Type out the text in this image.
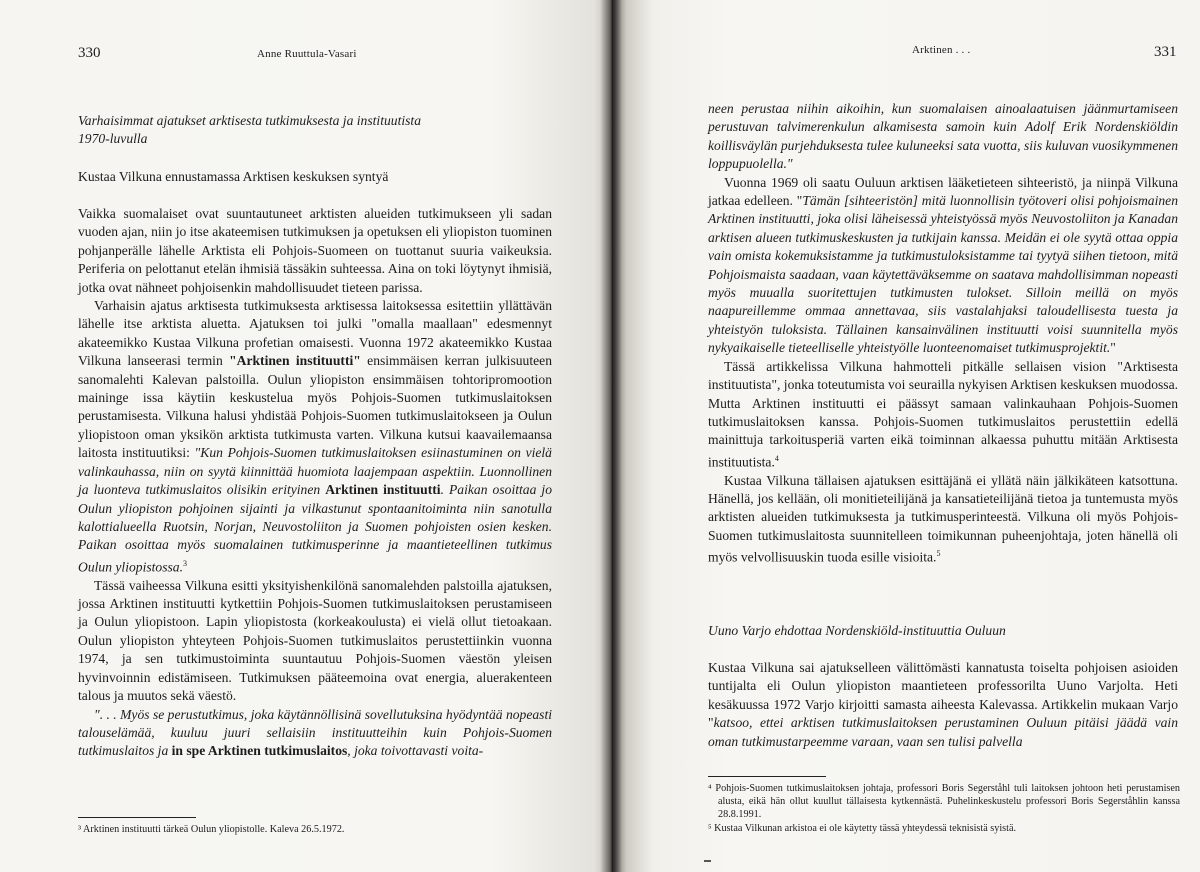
330	Anne Ruuttula-Vasari
Varhaisimmat ajatukset arktisesta tutkimuksesta ja instituutista
1970-luvulla
Kustaa Vilkuna ennustamassa Arktisen keskuksen syntyä

Vaikka suomalaiset ovat suuntautuneet arktisten alueiden tutkimukseen yli sadan vuoden ajan, niin jo itse akateemisen tutkimuksen ja opetuksen eli yliopiston tuominen pohjanperälle lähelle Arktista eli Pohjois-Suomeen on tuottanut suuria vaikeuksia. Periferia on pelottanut etelän ihmisiä tässäkin suhteessa. Aina on toki löytynyt ihmisiä, jotka ovat nähneet pohjoisenkin mahdollisuudet tieteen parissa.

Varhaisin ajatus arktisesta tutkimuksesta arktisessa laitoksessa esitettiin yllättävän lähelle itse arktista aluetta. Ajatuksen toi julki "omalla maallaan" edesmennyt akateemikko Kustaa Vilkuna profetian omaisesti. Vuonna 1972 akateemikko Kustaa Vilkuna lanseerasi termin "Arktinen instituutti" ensimmäisen kerran julkisuuteen sanomalehti Kalevan palstoilla. Oulun yliopiston ensimmäisen tohtoripromootion maininge issa käytiin keskustelua myös Pohjois-Suomen tutkimuslaitoksen perustamisesta. Vilkuna halusi yhdistää Pohjois-Suomen tutkimuslaitokseen ja Oulun yliopistoon oman yksikön arktista tutkimusta varten. Vilkuna kutsui kaavailemaansa laitosta instituutiksi: "Kun Pohjois-Suomen tutkimuslaitoksen esiinastuminen on vielä valinkauhassa, niin on syytä kiinnittää huomiota laajempaan aspektiin. Luonnollinen ja luonteva tutkimuslaitos olisikin erityinen Arktinen instituutti. Paikan osoittaa jo Oulun yliopiston pohjoinen sijainti ja vilkastunut spontaanitoiminta niin sanotulla kalottialueella Ruotsin, Norjan, Neuvostoliiton ja Suomen pohjoisten osien kesken. Paikan osoittaa myös suomalainen tutkimusperinne ja maantieteellinen tutkimus Oulun yliopistossa.$^3$

Tässä vaiheessa Vilkuna esitti yksityishenkilönä sanomalehden palstoilla ajatuksen, jossa Arktinen instituutti kytkettiin Pohjois-Suomen tutkimuslaitoksen perustamiseen ja Oulun yliopistoon. Lapin yliopistosta (korkeakoulusta) ei vielä ollut tietoakaan. Oulun yliopiston yhteyteen Pohjois-Suomen tutkimuslaitos perustettiinkin vuonna 1974, ja sen tutkimustoiminta suuntautuu Pohjois-Suomen väestön yleisen hyvinvoinnin edistämiseen. Tutkimuksen pääteemoina ovat energia, aluerakenteen talous ja muutos sekä väestö.

". . . Myös se perustutkimus, joka käytännöllisinä sovellutuksina hyödyntää nopeasti talouselämää, kuuluu juuri sellaisiin instituutteihin kuin Pohjois-Suomen tutkimuslaitos ja in spe Arktinen tutkimuslaitos, joka toivottavasti voita-

³ Arktinen instituutti tärkeä Oulun yliopistolle. Kaleva 26.5.1972.

Arktinen . . .	331

neen perustaa niihin aikoihin, kun suomalaisen ainoalaatuisen jäänmurtamiseen perustuvan talvimerenkulun alkamisesta samoin kuin Adolf Erik Nordenskiöldin koillisväylän purjehduksesta tulee kuluneeksi sata vuotta, siis kuluvan vuosikymmenen loppupuolella."

Vuonna 1969 oli saatu Ouluun arktisen lääketieteen sihteeristö, ja niinpä Vilkuna jatkaa edelleen. "Tämän [sihteeristön] mitä luonnollisin työtoveri olisi pohjoismainen Arktinen instituutti, joka olisi läheisessä yhteistyössä myös Neuvostoliiton ja Kanadan arktisen alueen tutkimuskeskusten ja tutkijain kanssa. Meidän ei ole syytä ottaa oppia vain omista kokemuksistamme ja tutkimustuloksistamme tai tyytyä siihen tietoon, mitä Pohjoismaista saadaan, vaan käytettäväksemme on saatava mahdollisimman nopeasti myös muualla suoritettujen tutkimusten tulokset. Silloin meillä on myös naapureillemme ommaa annettavaa, siis vastalahjaksi taloudellisesta tuesta ja yhteistyön tuloksista. Tällainen kansainvälinen instituutti voisi suunnitella myös nykyaikaiselle tieteelliselle yhteistyölle luonteenomaiset tutkimusprojektit."

Tässä artikkelissa Vilkuna hahmotteli pitkälle sellaisen vision "Arktisesta instituutista", jonka toteutumista voi seurailla nykyisen Arktisen keskuksen muodossa. Mutta Arktinen instituutti ei päässyt samaan valinkauhaan Pohjois-Suomen tutkimuslaitoksen kanssa. Pohjois-Suomen tutkimuslaitos perustettiin edellä mainittuja tarkoitusperiä varten eikä toiminnan alkaessa puhuttu mitään Arktisesta instituutista.$^4$

Kustaa Vilkuna tällaisen ajatuksen esittäjänä ei yllätä näin jälkikäteen katsottuna. Hänellä, jos kellään, oli monitieteilijänä ja kansatieteilijänä tietoa ja tuntemusta myös arktisten alueiden tutkimuksesta ja tutkimusperinteestä. Vilkuna oli myös Pohjois-Suomen tutkimuslaitosta suunnitelleen toimikunnan puheenjohtaja, joten hänellä oli myös velvollisuuskin tuoda esille visioita.$^5$

Uuno Varjo ehdottaa Nordenskiöld-instituuttia Ouluun

Kustaa Vilkuna sai ajatukselleen välittömästi kannatusta toiselta pohjoisen asioiden tuntijalta eli Oulun yliopiston maantieteen professorilta Uuno Varjolta. Heti kesäkuussa 1972 Varjo kirjoitti samasta aiheesta Kalevassa. Artikkelin mukaan Varjo "katsoo, ettei arktisen tutkimuslaitoksen perustaminen Ouluun pitäisi jäädä vain oman tutkimustarpeemme varaan, vaan sen tulisi palvella

⁴ Pohjois-Suomen tutkimuslaitoksen johtaja, professori Boris Segerståhl tuli laitoksen johtoon heti perustamisen alusta, eikä hän ollut kuullut tällaisesta kytkennästä. Puhelinkeskustelu professori Boris Segerståhlin kanssa 28.8.1991.

⁵ Kustaa Vilkunan arkistoa ei ole käytetty tässä yhteydessä teknisistä syistä.
